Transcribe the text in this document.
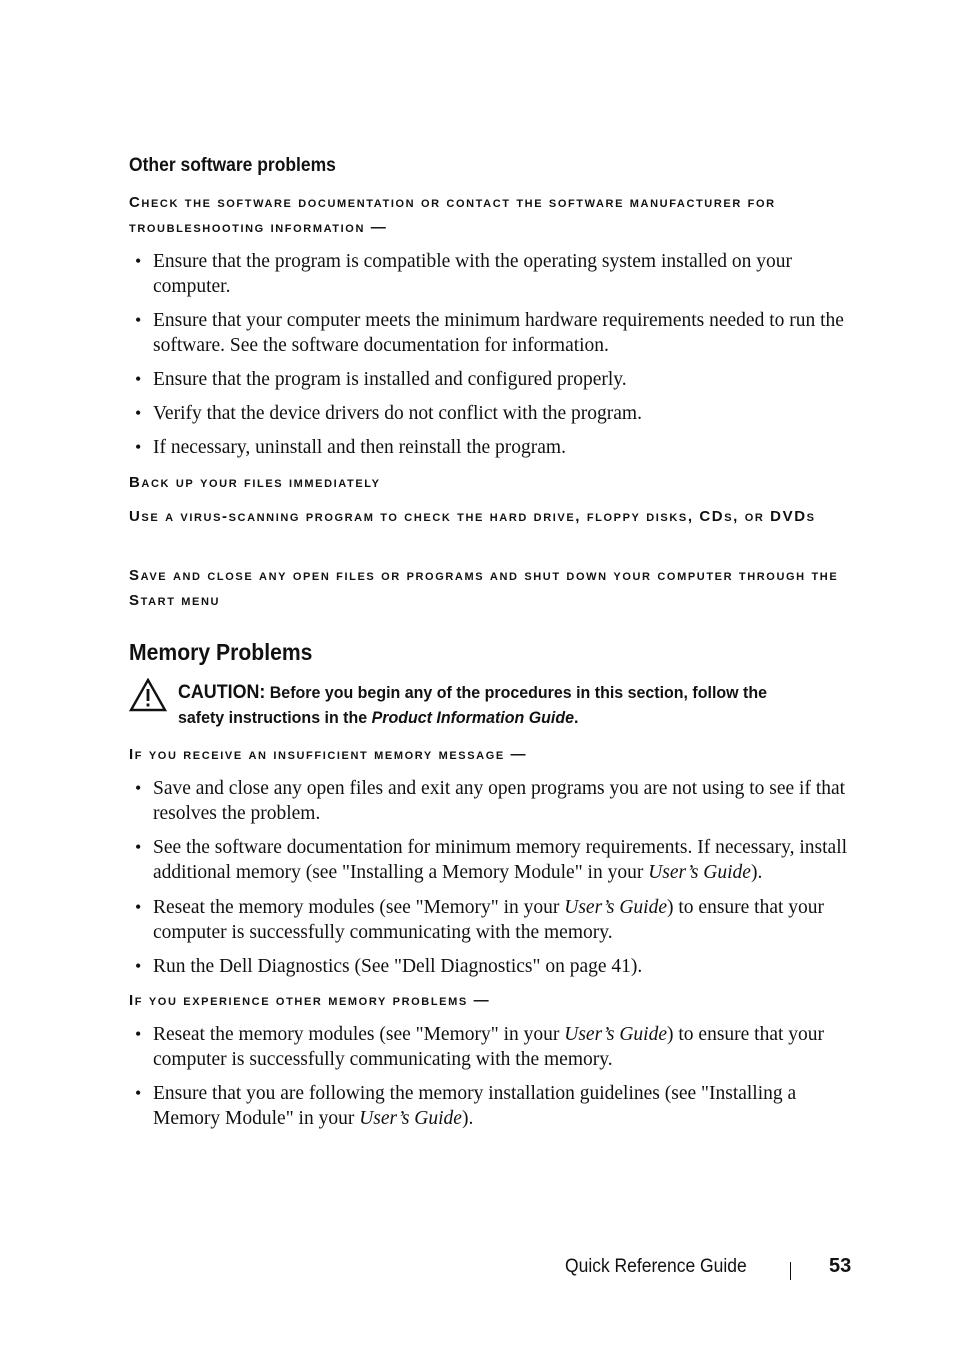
Other software problems

Check the software documentation or contact the software manufacturer for troubleshooting information —

• Ensure that the program is compatible with the operating system installed on your computer.
• Ensure that your computer meets the minimum hardware requirements needed to run the software. See the software documentation for information.
• Ensure that the program is installed and configured properly.
• Verify that the device drivers do not conflict with the program.
• If necessary, uninstall and then reinstall the program.

Back up your files immediately

Use a virus-scanning program to check the hard drive, floppy disks, CDs, or DVDs

Save and close any open files or programs and shut down your computer through the Start menu

Memory Problems
CAUTION: Before you begin any of the procedures in this section, follow the safety instructions in the Product Information Guide.

If you receive an insufficient memory message —

• Save and close any open files and exit any open programs you are not using to see if that resolves the problem.
• See the software documentation for minimum memory requirements. If necessary, install additional memory (see "Installing a Memory Module" in your User’s Guide).
• Reseat the memory modules (see "Memory" in your User’s Guide) to ensure that your computer is successfully communicating with the memory.
• Run the Dell Diagnostics (See "Dell Diagnostics" on page 41).

If you experience other memory problems —

• Reseat the memory modules (see "Memory" in your User’s Guide) to ensure that your computer is successfully communicating with the memory.
• Ensure that you are following the memory installation guidelines (see "Installing a Memory Module" in your User’s Guide).
Quick Reference Guide	53
